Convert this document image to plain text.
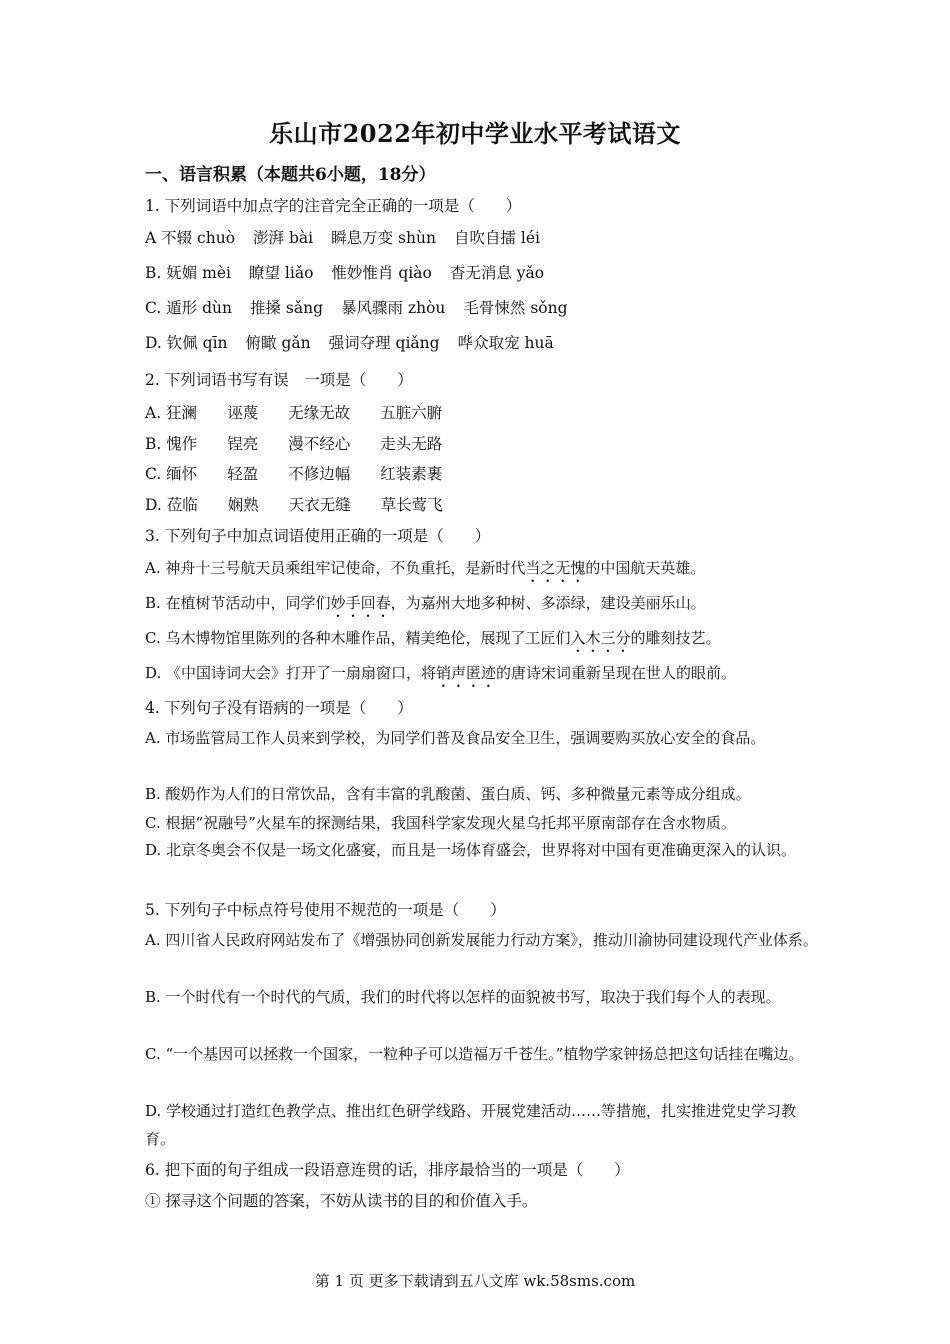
乐山市2022年初中学业水平考试语文
一、语言积累（本题共6小题，18分）
1. 下列词语中加点字的注音完全正确的一项是（　　）
A 不辍 chuò 澎湃 bài 瞬息万变 shùn 自吹自擂 léi
B. 妩媚 mèi 瞭望 liǎo 惟妙惟肖 qiào 杳无消息 yǎo
C. 遁形 dùn 推搡 sǎng 暴风骤雨 zhòu 毛骨悚然 sǒng
D. 钦佩 qīn 俯瞰 gǎn 强词夺理 qiǎng 哗众取宠 huā
2. 下列词语书写有误　一项是（　　）
A. 狂澜 诬蔑 无缘无故 五脏六腑
B. 愧作 锃亮 漫不经心 走头无路
C. 缅怀 轻盈 不修边幅 红装素裹
D. 莅临 娴熟 天衣无缝 草长莺飞
3. 下列句子中加点词语使用正确的一项是（　　）
A. 神舟十三号航天员乘组牢记使命，不负重托，是新时代当之无愧的中国航天英雄。
B. 在植树节活动中，同学们妙手回春，为嘉州大地多种树、多添绿，建设美丽乐山。
C. 乌木博物馆里陈列的各种木雕作品，精美绝伦，展现了工匠们入木三分的雕刻技艺。
D. 《中国诗词大会》打开了一扇扇窗口，将销声匿迹的唐诗宋词重新呈现在世人的眼前。
4. 下列句子没有语病的一项是（　　）
A. 市场监管局工作人员来到学校，为同学们普及食品安全卫生，强调要购买放心安全的食品。
B. 酸奶作为人们的日常饮品，含有丰富的乳酸菌、蛋白质、钙、多种微量元素等成分组成。
C. 根据“祝融号”火星车的探测结果，我国科学家发现火星乌托邦平原南部存在含水物质。
D. 北京冬奥会不仅是一场文化盛宴，而且是一场体育盛会，世界将对中国有更准确更深入的认识。
5. 下列句子中标点符号使用不规范的一项是（　　）
A. 四川省人民政府网站发布了《增强协同创新发展能力行动方案》，推动川渝协同建设现代产业体系。
B. 一个时代有一个时代的气质，我们的时代将以怎样的面貌被书写，取决于我们每个人的表现。
C. “一个基因可以拯救一个国家，一粒种子可以造福万千苍生。”植物学家钟扬总把这句话挂在嘴边。
D. 学校通过打造红色教学点、推出红色研学线路、开展党建活动……等措施，扎实推进党史学习教育。
6. 把下面的句子组成一段语意连贯的话，排序最恰当的一项是（　　）
① 探寻这个问题的答案，不妨从读书的目的和价值入手。
第 1 页 更多下载请到五八文库 wk.58sms.com
